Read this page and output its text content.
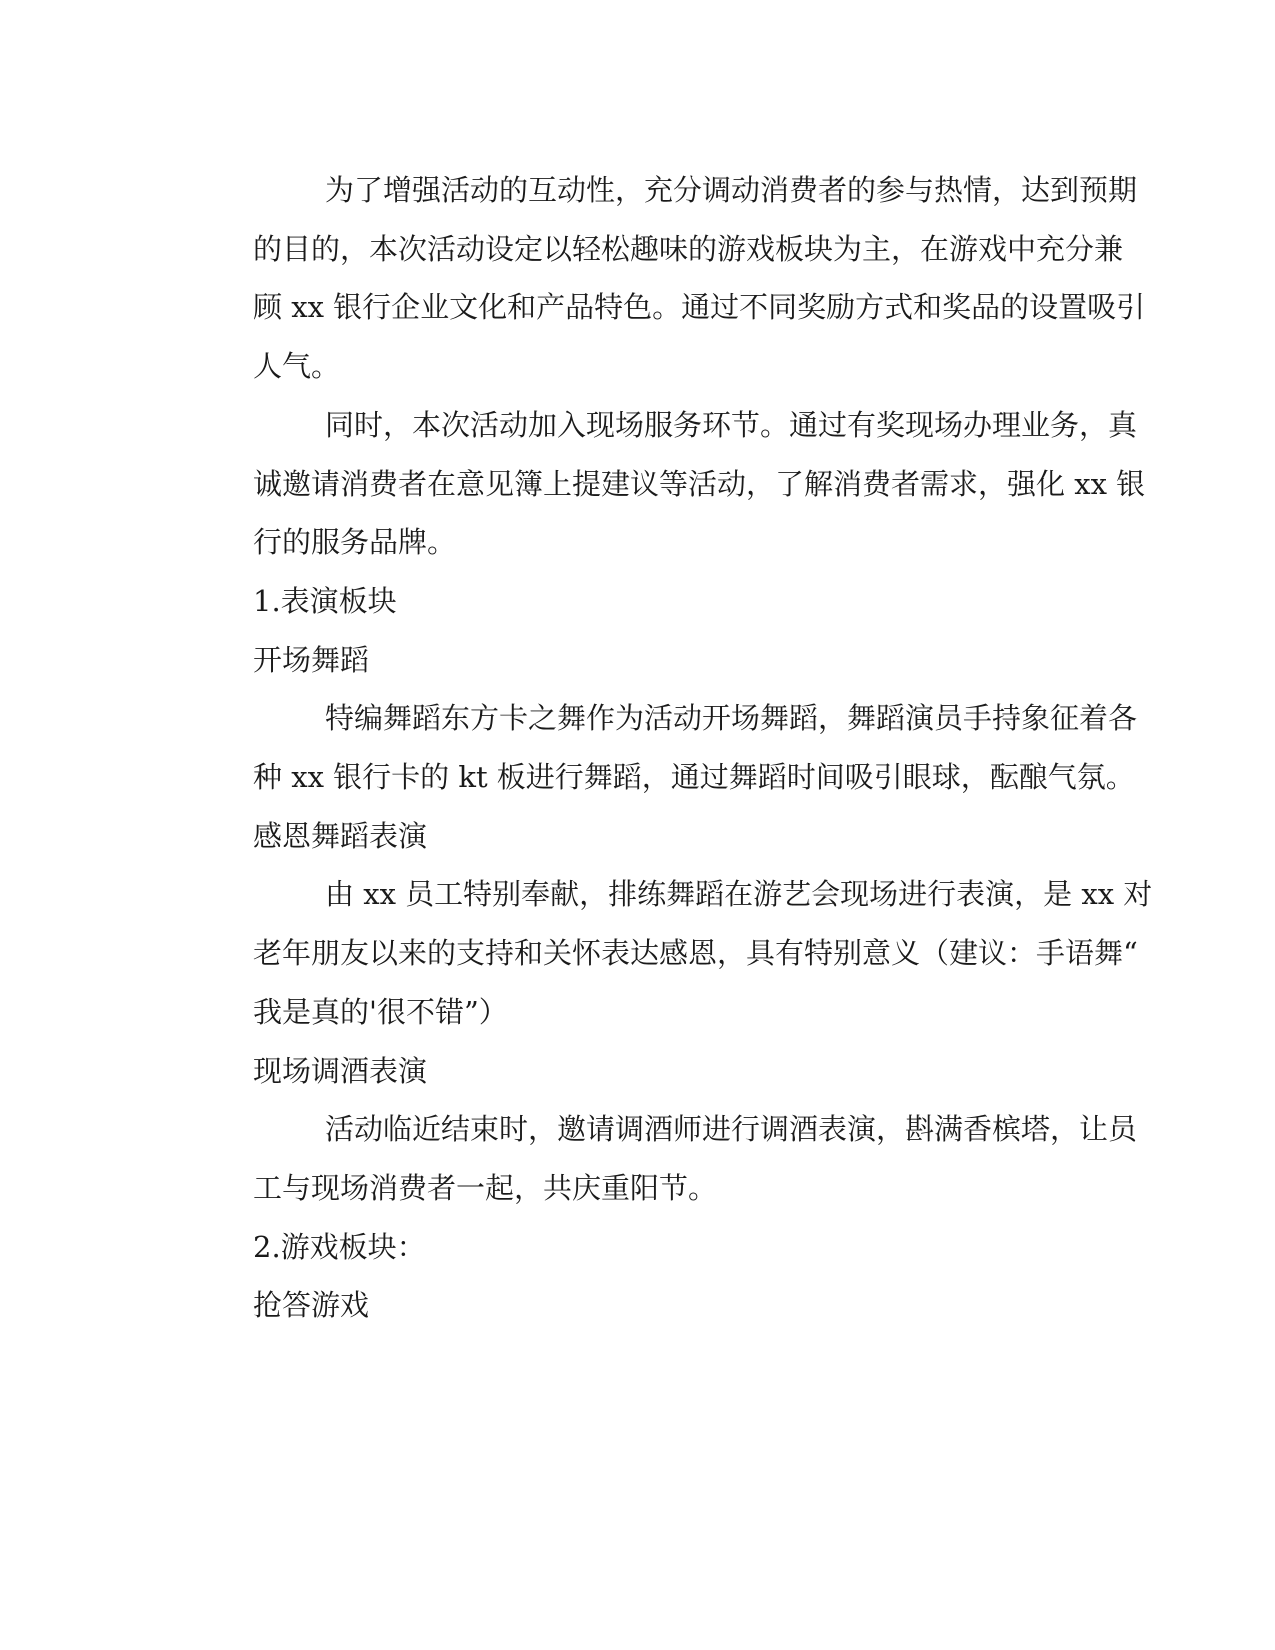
为了增强活动的互动性，充分调动消费者的参与热情，达到预期
的目的，本次活动设定以轻松趣味的游戏板块为主，在游戏中充分兼
顾 xx 银行企业文化和产品特色。通过不同奖励方式和奖品的设置吸引
人气。
同时，本次活动加入现场服务环节。通过有奖现场办理业务，真
诚邀请消费者在意见簿上提建议等活动，了解消费者需求，强化 xx 银
行的服务品牌。
1.表演板块
开场舞蹈
特编舞蹈东方卡之舞作为活动开场舞蹈，舞蹈演员手持象征着各
种 xx 银行卡的 kt 板进行舞蹈，通过舞蹈时间吸引眼球，酝酿气氛。
感恩舞蹈表演
由 xx 员工特别奉献，排练舞蹈在游艺会现场进行表演，是 xx 对
老年朋友以来的支持和关怀表达感恩，具有特别意义（建议：手语舞“
我是真的'很不错”）
现场调酒表演
活动临近结束时，邀请调酒师进行调酒表演，斟满香槟塔，让员
工与现场消费者一起，共庆重阳节。
2.游戏板块：
抢答游戏
